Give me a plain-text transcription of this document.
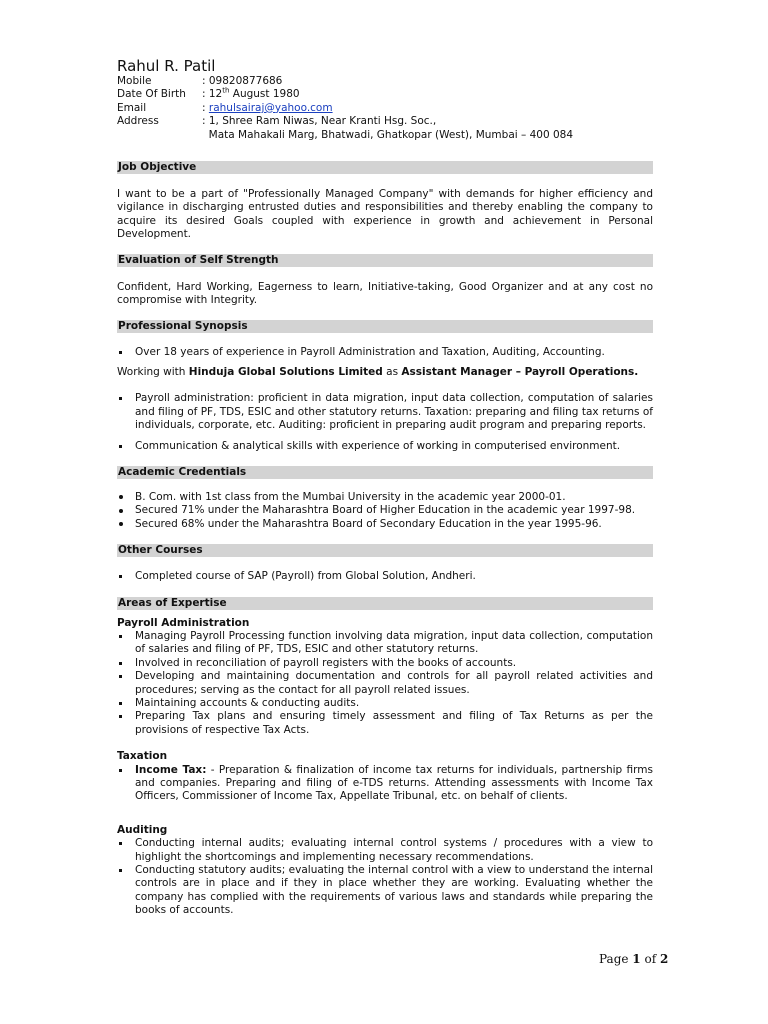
Rahul R. Patil
Mobile	: 09820877686
Date Of Birth	: 12th August 1980
Email	: rahulsairaj@yahoo.com
Address	: 1, Shree Ram Niwas, Near Kranti Hsg. Soc.,
Mata Mahakali Marg, Bhatwadi, Ghatkopar (West), Mumbai – 400 084
Job Objective

I want to be a part of "Professionally Managed Company" with demands for higher efficiency and vigilance in discharging entrusted duties and responsibilities and thereby enabling the company to acquire its desired Goals coupled with experience in growth and achievement in Personal Development.

Evaluation of Self Strength

Confident, Hard Working, Eagerness to learn, Initiative-taking, Good Organizer and at any cost no compromise with Integrity.

Professional Synopsis
Over 18 years of experience in Payroll Administration and Taxation, Auditing, Accounting.

Working with Hinduja Global Solutions Limited as Assistant Manager – Payroll Operations.

Payroll administration: proficient in data migration, input data collection, computation of salaries and filing of PF, TDS, ESIC and other statutory returns. Taxation: preparing and filing tax returns of individuals, corporate, etc. Auditing: proficient in preparing audit program and preparing reports.
Communication & analytical skills with experience of working in computerised environment.
Academic Credentials
B. Com. with 1st class from the Mumbai University in the academic year 2000-01.
Secured 71% under the Maharashtra Board of Higher Education in the academic year 1997-98.
Secured 68% under the Maharashtra Board of Secondary Education in the year 1995-96.
Other Courses
Completed course of SAP (Payroll) from Global Solution, Andheri.
Areas of Expertise
Payroll Administration
Managing Payroll Processing function involving data migration, input data collection, computation of salaries and filing of PF, TDS, ESIC and other statutory returns.
Involved in reconciliation of payroll registers with the books of accounts.
Developing and maintaining documentation and controls for all payroll related activities and procedures; serving as the contact for all payroll related issues.
Maintaining accounts & conducting audits.
Preparing Tax plans and ensuring timely assessment and filing of Tax Returns as per the provisions of respective Tax Acts.
Taxation
Income Tax: - Preparation & finalization of income tax returns for individuals, partnership firms and companies. Preparing and filing of e-TDS returns. Attending assessments with Income Tax Officers, Commissioner of Income Tax, Appellate Tribunal, etc. on behalf of clients.
Auditing
Conducting internal audits; evaluating internal control systems / procedures with a view to highlight the shortcomings and implementing necessary recommendations.
Conducting statutory audits; evaluating the internal control with a view to understand the internal controls are in place and if they in place whether they are working. Evaluating whether the company has complied with the requirements of various laws and standards while preparing the books of accounts.
Page 1 of 2
